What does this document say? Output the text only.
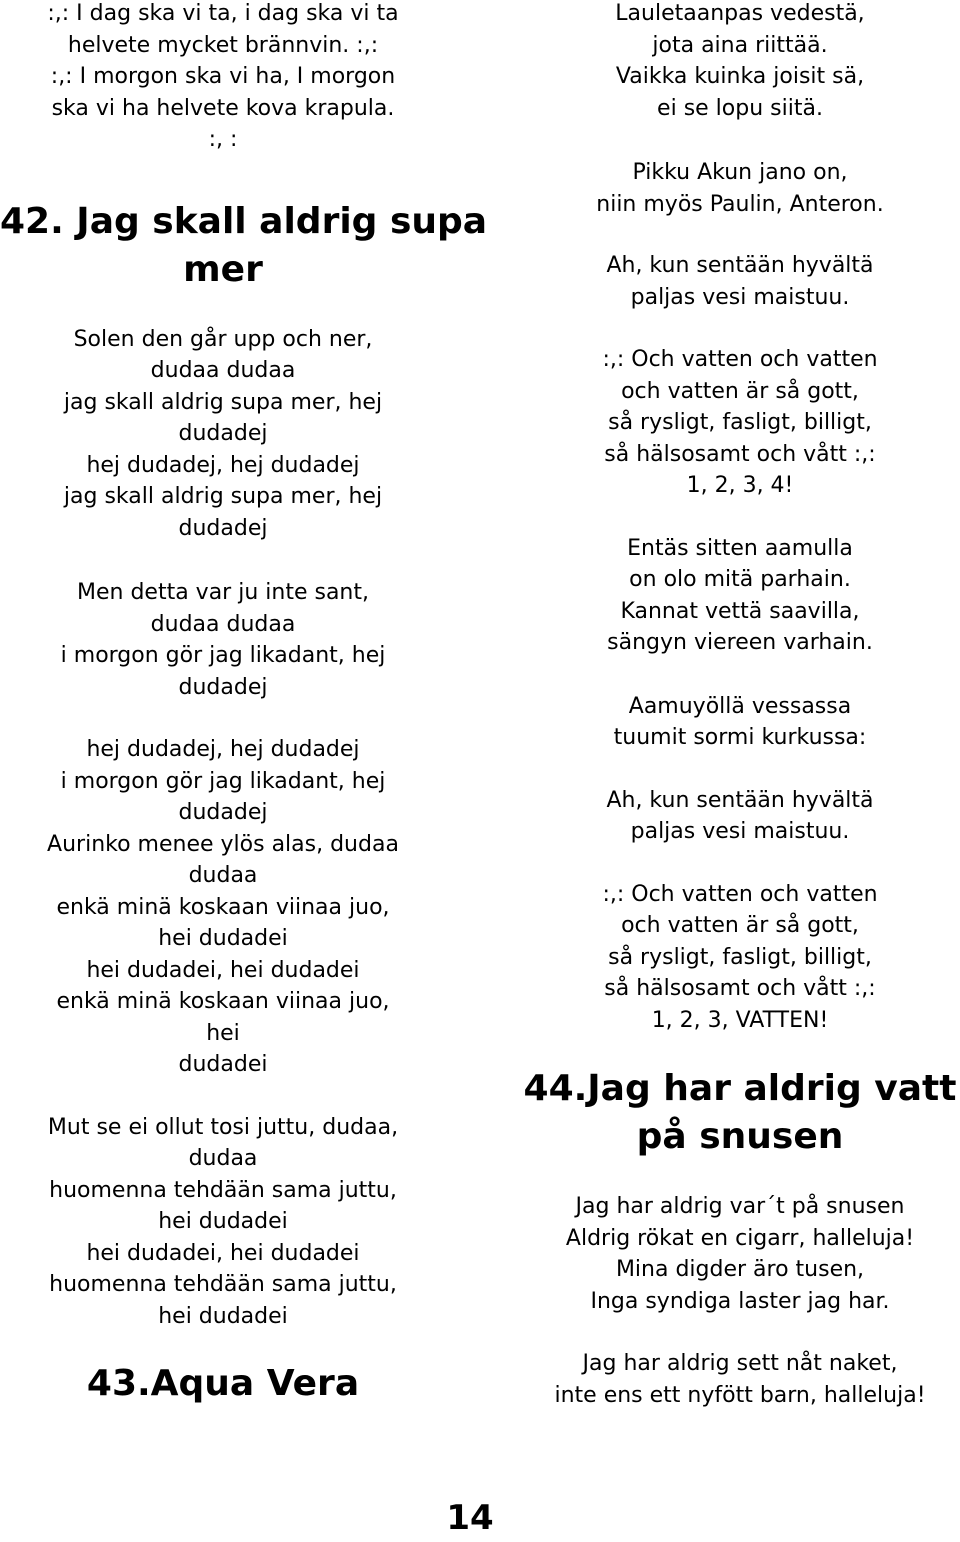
:,: I dag ska vi ta, i dag ska vi ta
helvete mycket brännvin. :,:
:,: I morgon ska vi ha, I morgon
ska vi ha helvete kova krapula.
:, :
42. Jag skall aldrig supa
mer
Solen den går upp och ner,
dudaa dudaa
jag skall aldrig supa mer, hej
dudadej
hej dudadej, hej dudadej
jag skall aldrig supa mer, hej
dudadej
Men detta var ju inte sant,
dudaa dudaa
i morgon gör jag likadant, hej
dudadej
hej dudadej, hej dudadej
i morgon gör jag likadant, hej
dudadej
Aurinko menee ylös alas, dudaa
dudaa
enkä minä koskaan viinaa juo,
hei dudadei
hei dudadei, hei dudadei
enkä minä koskaan viinaa juo,
hei
dudadei
Mut se ei ollut tosi juttu, dudaa,
dudaa
huomenna tehdään sama juttu,
hei dudadei
hei dudadei, hei dudadei
huomenna tehdään sama juttu,
hei dudadei
43.Aqua Vera
Lauletaanpas vedestä,
jota aina riittää.
Vaikka kuinka joisit sä,
ei se lopu siitä.
Pikku Akun jano on,
niin myös Paulin, Anteron.
Ah, kun sentään hyvältä
paljas vesi maistuu.
:,: Och vatten och vatten
och vatten är så gott,
så rysligt, fasligt, billigt,
så hälsosamt och vått :,:
1, 2, 3, 4!
Entäs sitten aamulla
on olo mitä parhain.
Kannat vettä saavilla,
sängyn viereen varhain.
Aamuyöllä vessassa
tuumit sormi kurkussa:
Ah, kun sentään hyvältä
paljas vesi maistuu.
:,: Och vatten och vatten
och vatten är så gott,
så rysligt, fasligt, billigt,
så hälsosamt och vått :,:
1, 2, 3, VATTEN!
44.Jag har aldrig vatt
på snusen
Jag har aldrig var´t på snusen
Aldrig rökat en cigarr, halleluja!
Mina digder äro tusen,
Inga syndiga laster jag har.
Jag har aldrig sett nåt naket,
inte ens ett nyfött barn, halleluja!
14
